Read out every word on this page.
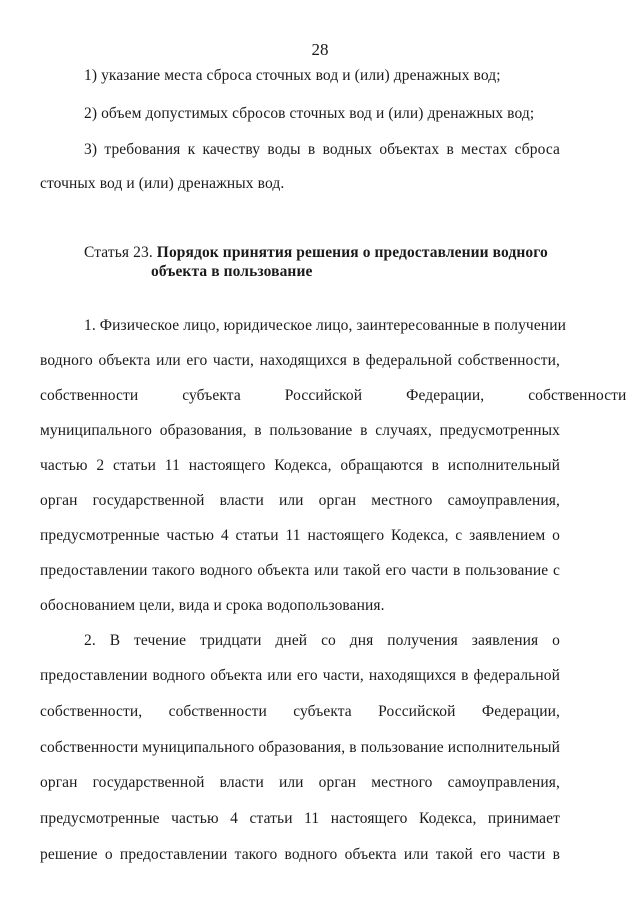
28
1) указание места сброса сточных вод и (или) дренажных вод;
2) объем допустимых сбросов сточных вод и (или) дренажных вод;
3) требования к качеству воды в водных объектах в местах сброса
сточных вод и (или) дренажных вод.
Статья 23. Порядок принятия решения о предоставлении водного
объекта в пользование
1. Физическое лицо, юридическое лицо, заинтересованные в получении
водного объекта или его части, находящихся в федеральной собственности,
собственности субъекта Российской Федерации, собственности
муниципального образования, в пользование в случаях, предусмотренных
частью 2 статьи 11 настоящего Кодекса, обращаются в исполнительный
орган государственной власти или орган местного самоуправления,
предусмотренные частью 4 статьи 11 настоящего Кодекса, с заявлением о
предоставлении такого водного объекта или такой его части в пользование с
обоснованием цели, вида и срока водопользования.
2. В течение тридцати дней со дня получения заявления о
предоставлении водного объекта или его части, находящихся в федеральной
собственности, собственности субъекта Российской Федерации,
собственности муниципального образования, в пользование исполнительный
орган государственной власти или орган местного самоуправления,
предусмотренные частью 4 статьи 11 настоящего Кодекса, принимает
решение о предоставлении такого водного объекта или такой его части в
